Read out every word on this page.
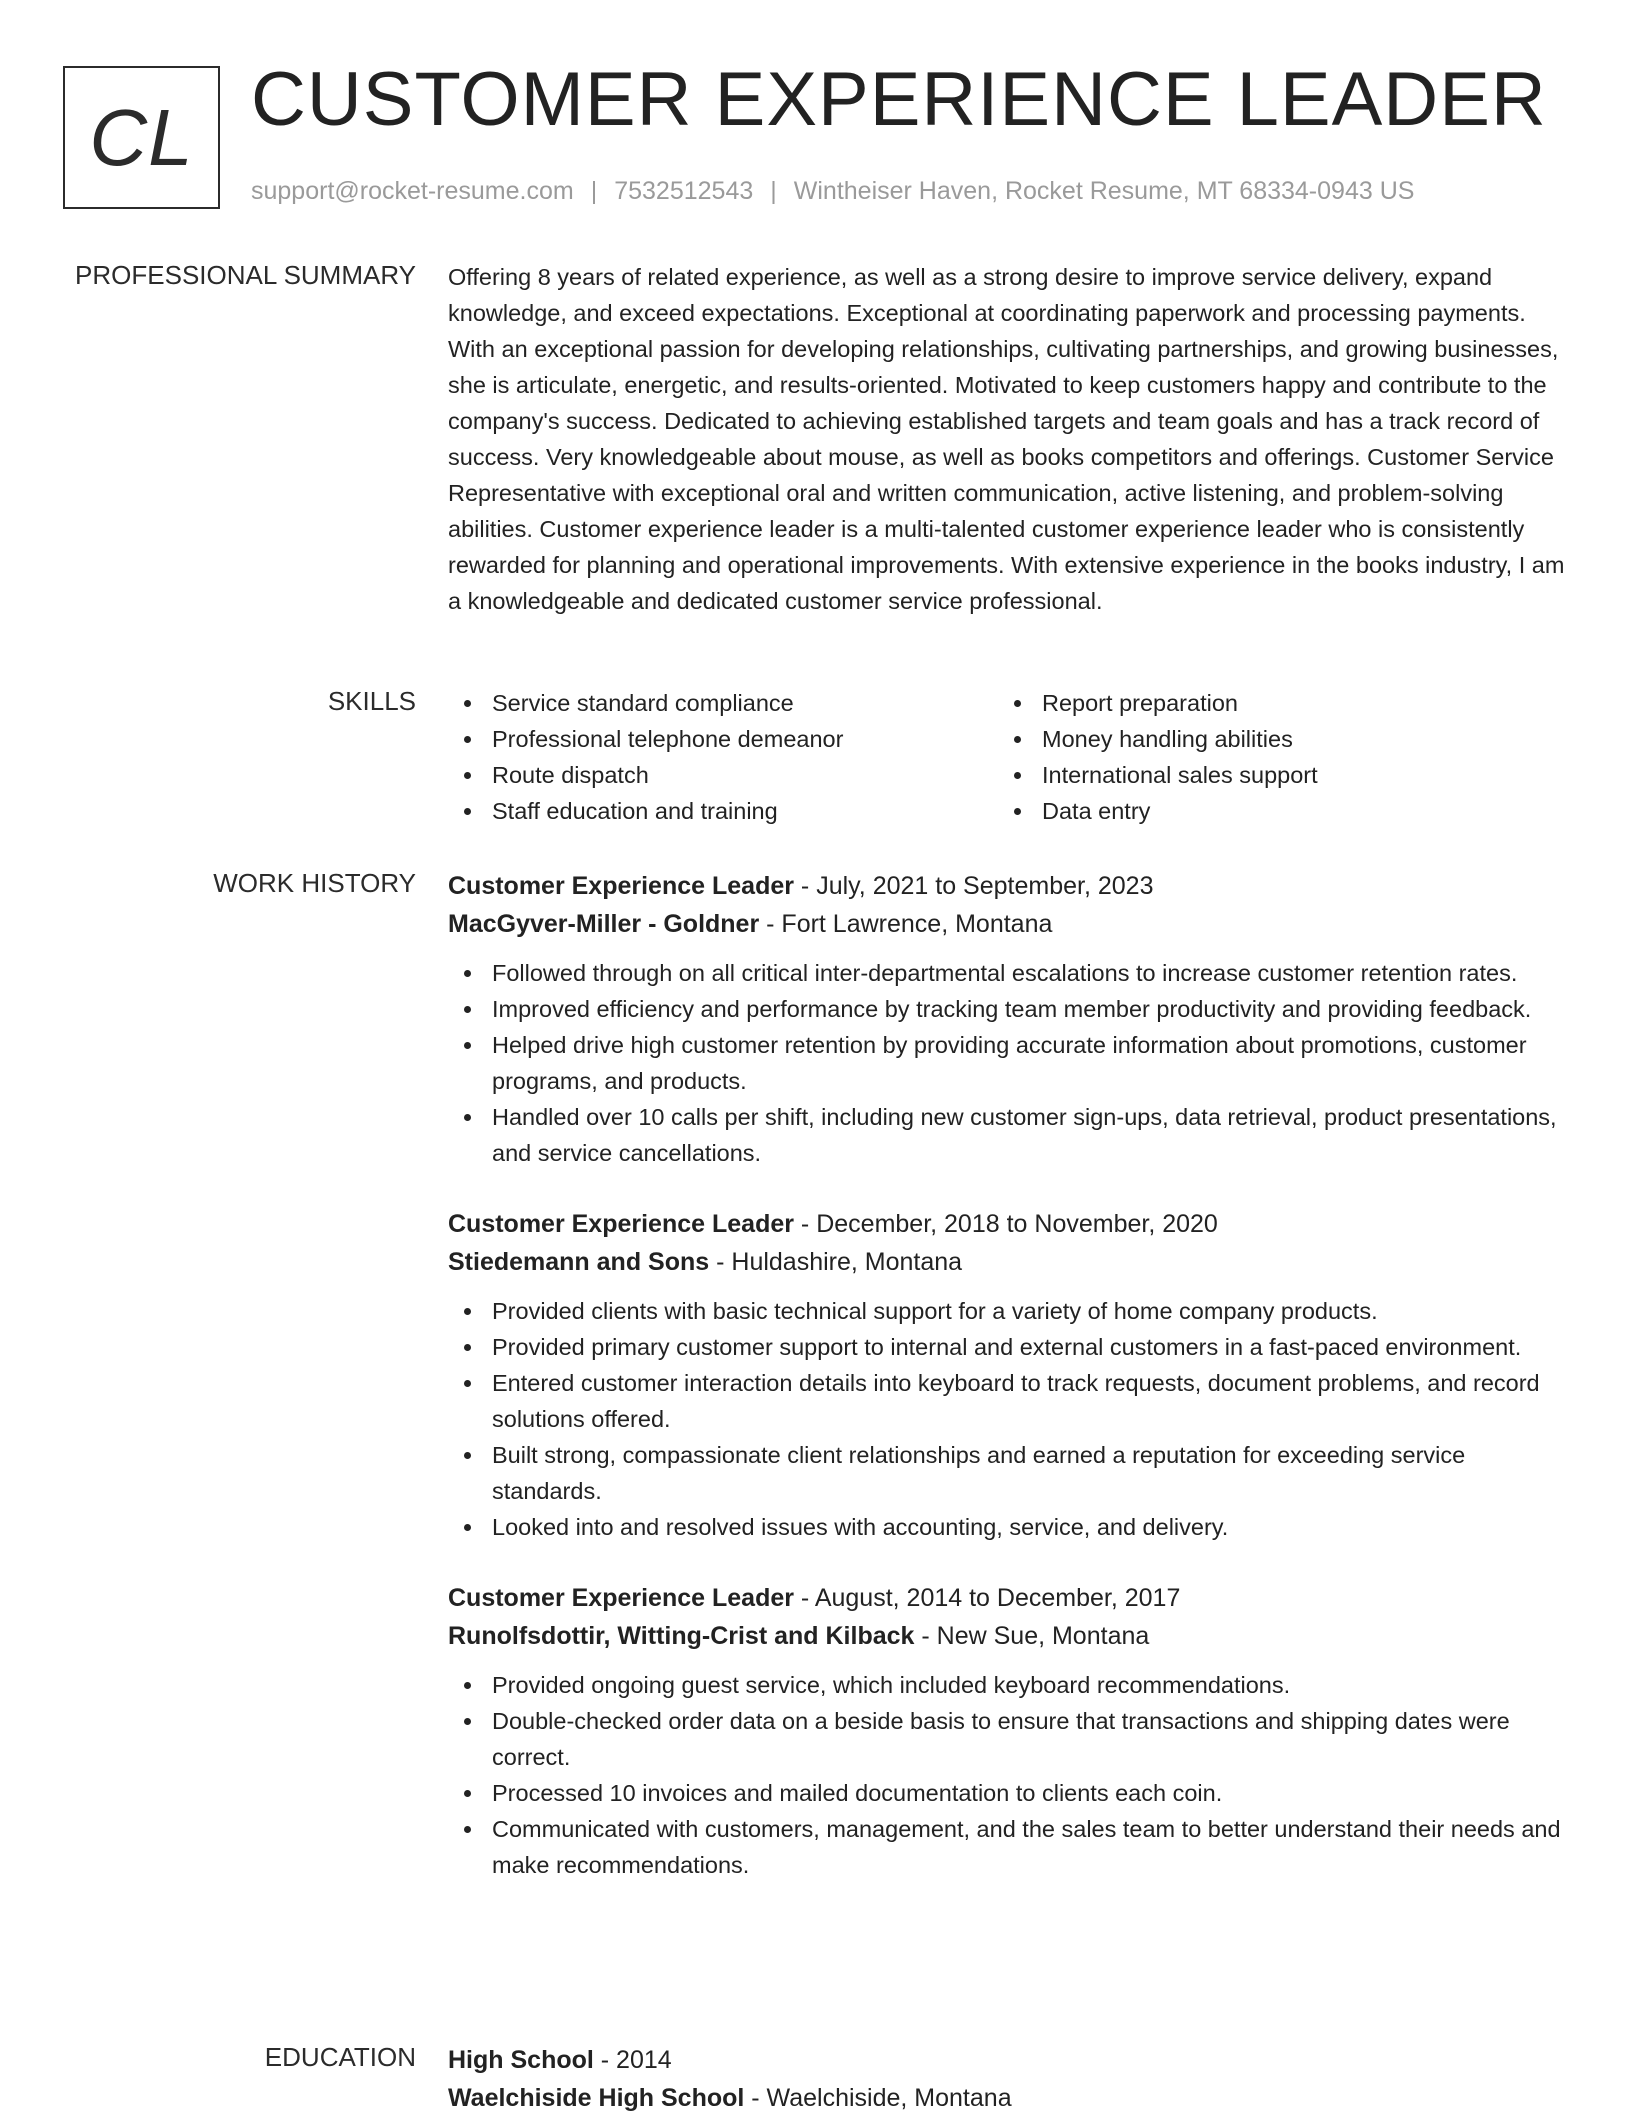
CL CUSTOMER EXPERIENCE LEADER
support@rocket-resume.com | 7532512543 | Wintheiser Haven, Rocket Resume, MT 68334-0943 US
PROFESSIONAL SUMMARY Offering 8 years of related experience, as well as a strong desire to improve service delivery, expand knowledge, and exceed expectations. Exceptional at coordinating paperwork and processing payments. With an exceptional passion for developing relationships, cultivating partnerships, and growing businesses, she is articulate, energetic, and results-oriented. Motivated to keep customers happy and contribute to the company's success. Dedicated to achieving established targets and team goals and has a track record of success. Very knowledgeable about mouse, as well as books competitors and offerings. Customer Service Representative with exceptional oral and written communication, active listening, and problem-solving abilities. Customer experience leader is a multi-talented customer experience leader who is consistently rewarded for planning and operational improvements. With extensive experience in the books industry, I am a knowledgeable and dedicated customer service professional.

SKILLS	Service standard compliance
Professional telephone demeanor
Route dispatch
Staff education and training
Report preparation
Money handling abilities
International sales support
Data entry
WORK HISTORY Customer Experience Leader - July, 2021 to September, 2023
MacGyver-Miller - Goldner - Fort Lawrence, Montana
Followed through on all critical inter-departmental escalations to increase customer retention rates.
Improved efficiency and performance by tracking team member productivity and providing feedback.
Helped drive high customer retention by providing accurate information about promotions, customer programs, and products.
Handled over 10 calls per shift, including new customer sign-ups, data retrieval, product presentations, and service cancellations.
Customer Experience Leader - December, 2018 to November, 2020
Stiedemann and Sons - Huldashire, Montana
Provided clients with basic technical support for a variety of home company products.
Provided primary customer support to internal and external customers in a fast-paced environment.
Entered customer interaction details into keyboard to track requests, document problems, and record solutions offered.
Built strong, compassionate client relationships and earned a reputation for exceeding service standards.
Looked into and resolved issues with accounting, service, and delivery.
Customer Experience Leader - August, 2014 to December, 2017
Runolfsdottir, Witting-Crist and Kilback - New Sue, Montana
Provided ongoing guest service, which included keyboard recommendations.
Double-checked order data on a beside basis to ensure that transactions and shipping dates were correct.
Processed 10 invoices and mailed documentation to clients each coin.
Communicated with customers, management, and the sales team to better understand their needs and make recommendations.
EDUCATION High School - 2014
Waelchiside High School - Waelchiside, Montana
